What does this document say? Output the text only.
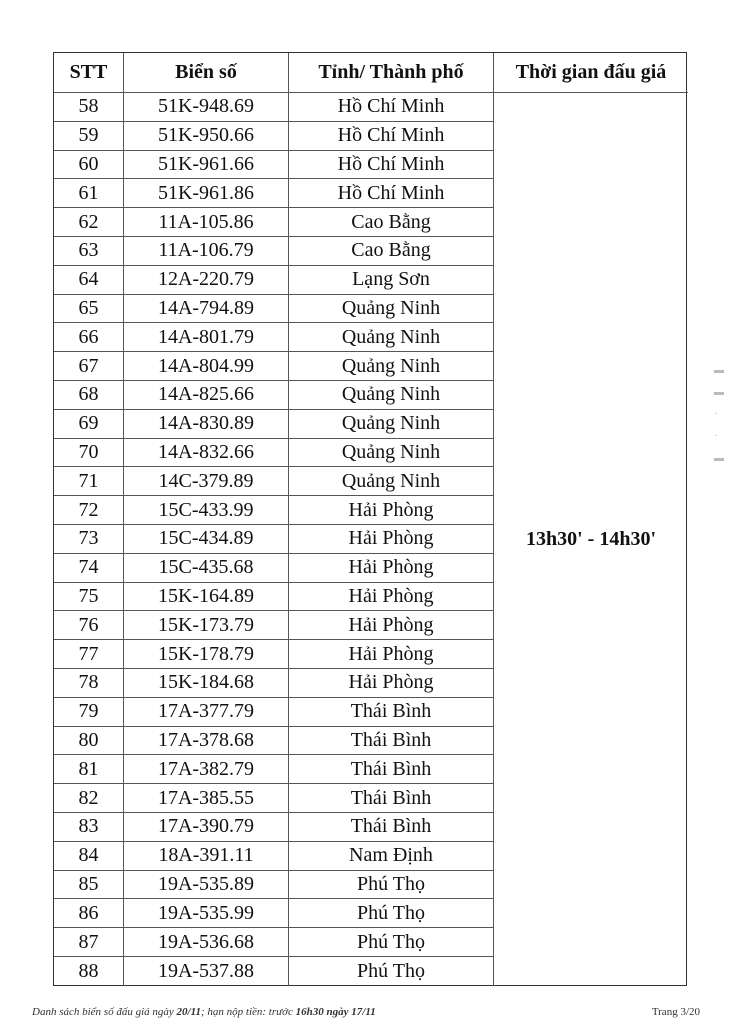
STT	Biển số	Tỉnh/ Thành phố	Thời gian đấu giá
13h30' - 14h30'
58	51K-948.69	Hồ Chí Minh
59	51K-950.66	Hồ Chí Minh
60	51K-961.66	Hồ Chí Minh
61	51K-961.86	Hồ Chí Minh
62	11A-105.86	Cao Bằng
63	11A-106.79	Cao Bằng
64	12A-220.79	Lạng Sơn
65	14A-794.89	Quảng Ninh
66	14A-801.79	Quảng Ninh
67	14A-804.99	Quảng Ninh
68	14A-825.66	Quảng Ninh
69	14A-830.89	Quảng Ninh
70	14A-832.66	Quảng Ninh
71	14C-379.89	Quảng Ninh
72	15C-433.99	Hải Phòng
73	15C-434.89	Hải Phòng
74	15C-435.68	Hải Phòng
75	15K-164.89	Hải Phòng
76	15K-173.79	Hải Phòng
77	15K-178.79	Hải Phòng
78	15K-184.68	Hải Phòng
79	17A-377.79	Thái Bình
80	17A-378.68	Thái Bình
81	17A-382.79	Thái Bình
82	17A-385.55	Thái Bình
83	17A-390.79	Thái Bình
84	18A-391.11	Nam Định
85	19A-535.89	Phú Thọ
86	19A-535.99	Phú Thọ
87	19A-536.68	Phú Thọ
88	19A-537.88	Phú Thọ
▬
▬
·
·
▬
Danh sách biển số đấu giá ngày 20/11; hạn nộp tiền: trước 16h30 ngày 17/11	Trang 3/20
